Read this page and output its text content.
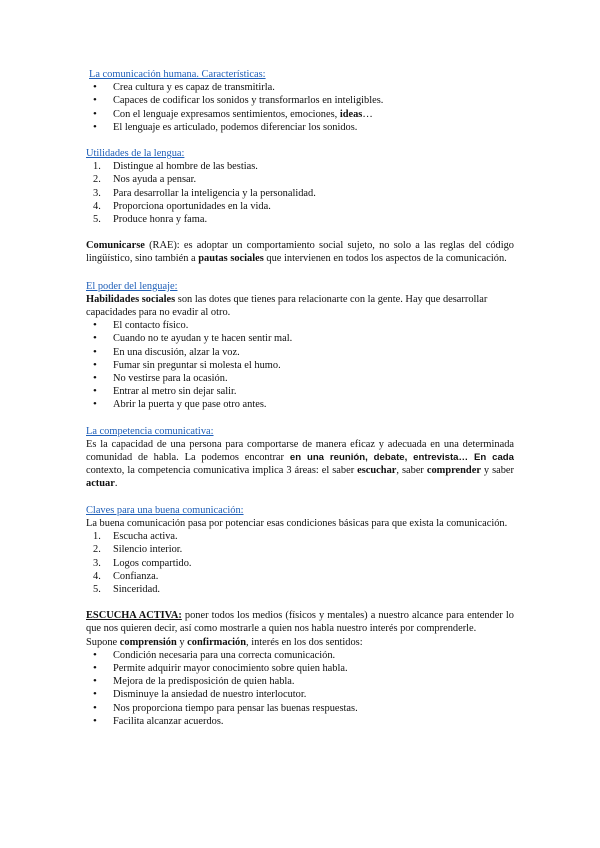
La comunicación humana. Características:

• Crea cultura y es capaz de transmitirla.
• Capaces de codificar los sonidos y transformarlos en inteligibles.
• Con el lenguaje expresamos sentimientos, emociones, ideas…
• El lenguaje es articulado, podemos diferenciar los sonidos.

Utilidades de la lengua:

1. Distingue al hombre de las bestias.
2. Nos ayuda a pensar.
3. Para desarrollar la inteligencia y la personalidad.
4. Proporciona oportunidades en la vida.
5. Produce honra y fama.

Comunicarse (RAE): es adoptar un comportamiento social sujeto, no solo a las reglas del código lingüístico, sino también a pautas sociales que intervienen en todos los aspectos de la comunicación.

El poder del lenguaje:

Habilidades sociales son las dotes que tienes para relacionarte con la gente. Hay que desarrollar capacidades para no evadir al otro.

• El contacto físico.
• Cuando no te ayudan y te hacen sentir mal.
• En una discusión, alzar la voz.
• Fumar sin preguntar si molesta el humo.
• No vestirse para la ocasión.
• Entrar al metro sin dejar salir.
• Abrir la puerta y que pase otro antes.

La competencia comunicativa:

Es la capacidad de una persona para comportarse de manera eficaz y adecuada en una determinada comunidad de habla. La podemos encontrar en una reunión, debate, entrevista… En cada contexto, la competencia comunicativa implica 3 áreas: el saber escuchar, saber comprender y saber actuar.

Claves para una buena comunicación:

La buena comunicación pasa por potenciar esas condiciones básicas para que exista la comunicación.

1. Escucha activa.
2. Silencio interior.
3. Logos compartido.
4. Confianza.
5. Sinceridad.

ESCUCHA ACTIVA: poner todos los medios (físicos y mentales) a nuestro alcance para entender lo que nos quieren decir, así como mostrarle a quien nos habla nuestro interés por comprenderle.

Supone comprensión y confirmación, interés en los dos sentidos:

• Condición necesaria para una correcta comunicación.
• Permite adquirir mayor conocimiento sobre quien habla.
• Mejora de la predisposición de quien habla.
• Disminuye la ansiedad de nuestro interlocutor.
• Nos proporciona tiempo para pensar las buenas respuestas.
• Facilita alcanzar acuerdos.
